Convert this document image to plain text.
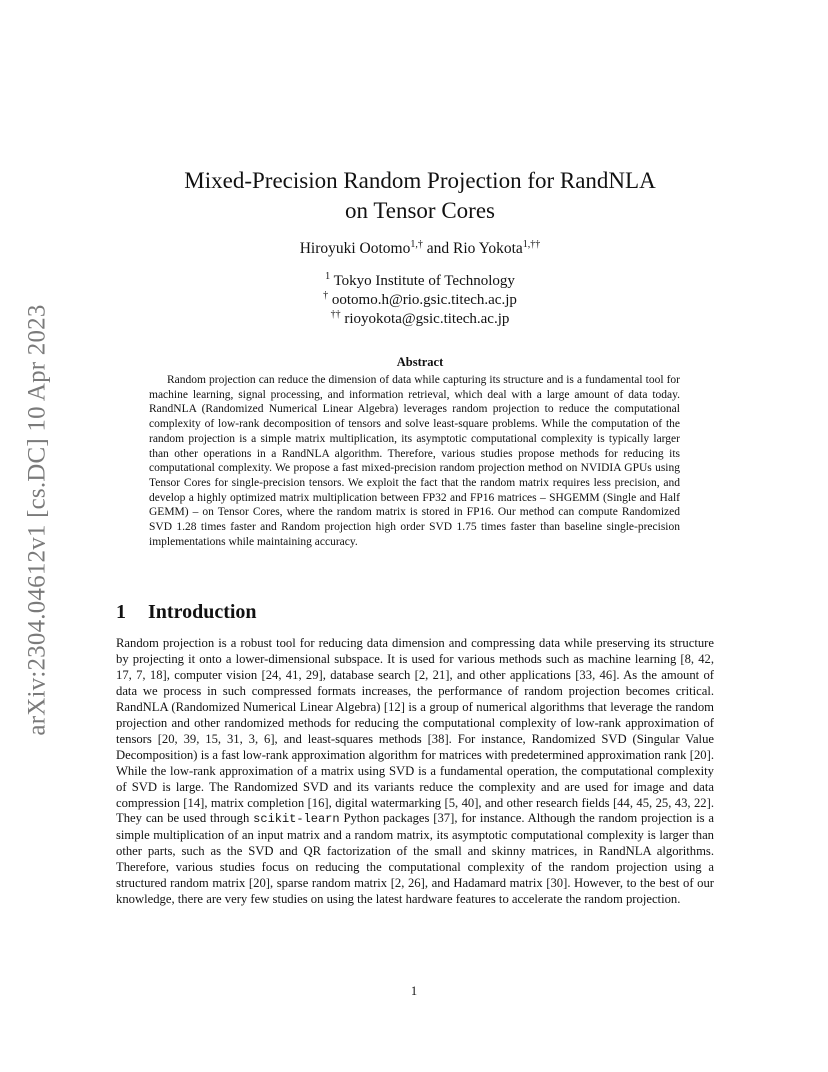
arXiv:2304.04612v1 [cs.DC] 10 Apr 2023
Mixed-Precision Random Projection for RandNLA
on Tensor Cores
Hiroyuki Ootomo$^{1,\dagger}$ and Rio Yokota$^{1,\dagger\dagger}$
$^1$ Tokyo Institute of Technology
† ootomo.h@rio.gsic.titech.ac.jp
†† rioyokota@gsic.titech.ac.jp
Abstract

Random projection can reduce the dimension of data while capturing its structure and is a fundamental tool for machine learning, signal processing, and information retrieval, which deal with a large amount of data today. RandNLA (Randomized Numerical Linear Algebra) leverages random projection to reduce the computational complexity of low-rank decomposition of tensors and solve least-square problems. While the computation of the random projection is a simple matrix multiplication, its asymptotic computational complexity is typically larger than other operations in a RandNLA algorithm. Therefore, various studies propose methods for reducing its computational complexity. We propose a fast mixed-precision random projection method on NVIDIA GPUs using Tensor Cores for single-precision tensors. We exploit the fact that the random matrix requires less precision, and develop a highly optimized matrix multiplication between FP32 and FP16 matrices – SHGEMM (Single and Half GEMM) – on Tensor Cores, where the random matrix is stored in FP16. Our method can compute Randomized SVD 1.28 times faster and Random projection high order SVD 1.75 times faster than baseline single-precision implementations while maintaining accuracy.

1 Introduction

Random projection is a robust tool for reducing data dimension and compressing data while preserving its structure by projecting it onto a lower-dimensional subspace. It is used for various methods such as machine learning [8, 42, 17, 7, 18], computer vision [24, 41, 29], database search [2, 21], and other applications [33, 46]. As the amount of data we process in such compressed formats increases, the performance of random projection becomes critical. RandNLA (Randomized Numerical Linear Algebra) [12] is a group of numerical algorithms that leverage the random projection and other randomized methods for reducing the computational complexity of low-rank approximation of tensors [20, 39, 15, 31, 3, 6], and least-squares methods [38]. For instance, Randomized SVD (Singular Value Decomposition) is a fast low-rank approximation algorithm for matrices with predetermined approximation rank [20]. While the low-rank approximation of a matrix using SVD is a fundamental operation, the computational complexity of SVD is large. The Randomized SVD and its variants reduce the complexity and are used for image and data compression [14], matrix completion [16], digital watermarking [5, 40], and other research fields [44, 45, 25, 43, 22]. They can be used through scikit-learn Python packages [37], for instance. Although the random projection is a simple multiplication of an input matrix and a random matrix, its asymptotic computational complexity is larger than other parts, such as the SVD and QR factorization of the small and skinny matrices, in RandNLA algorithms. Therefore, various studies focus on reducing the computational complexity of the random projection using a structured random matrix [20], sparse random matrix [2, 26], and Hadamard matrix [30]. However, to the best of our knowledge, there are very few studies on using the latest hardware features to accelerate the random projection.

1
